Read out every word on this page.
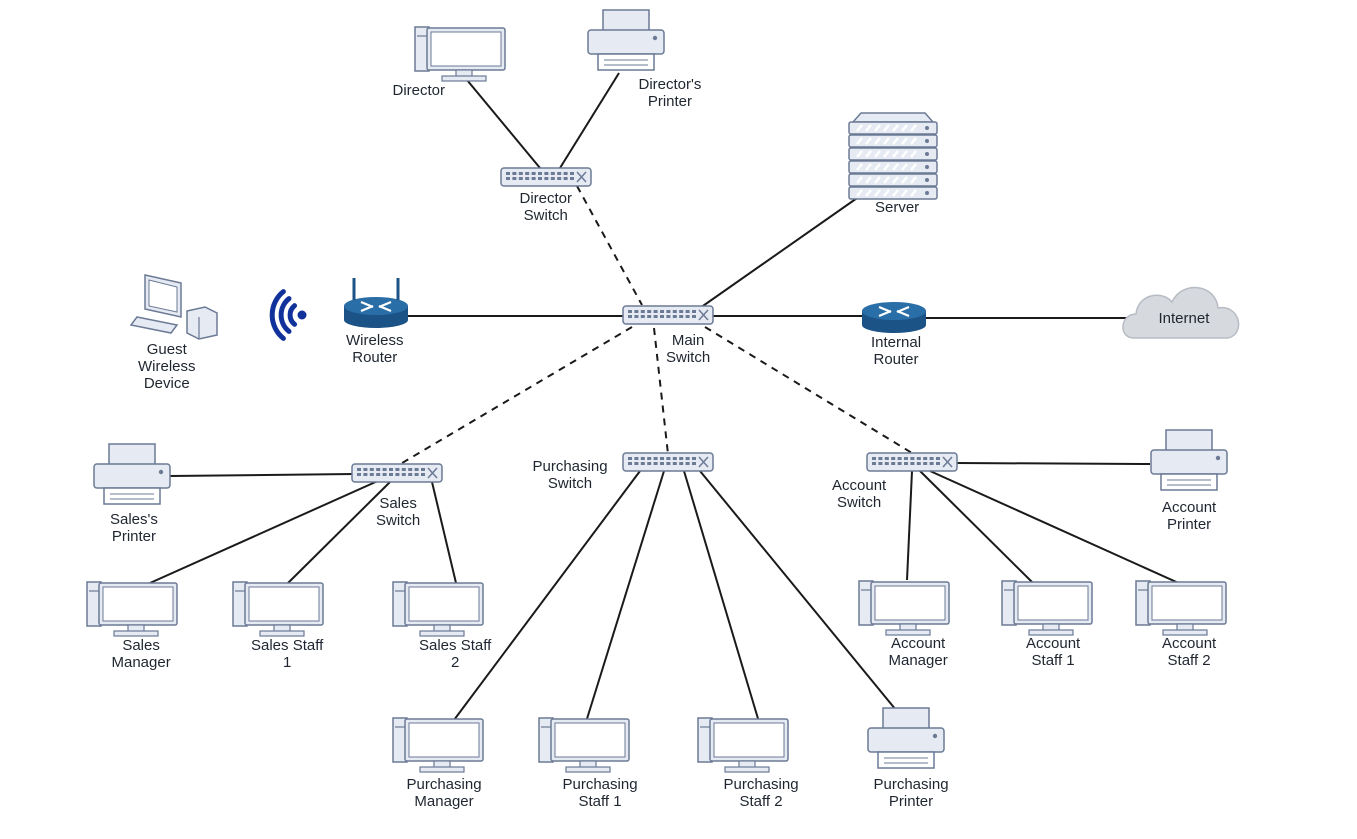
Director	Director's
Printer
Director
Switch	Server
Guest
Wireless
Device
Wireless
Router
Main
Switch
Internal
Router
Internet
Sales's
Printer
Sales
Switch
Purchasing
Switch	Account
Switch	Account
Printer
Sales
Manager
Sales Staff
1
Sales Staff
2
Account
Manager
Account
Staff 1
Account
Staff 2
Purchasing
Manager
Purchasing
Staff 1
Purchasing
Staff 2
Purchasing
Printer
